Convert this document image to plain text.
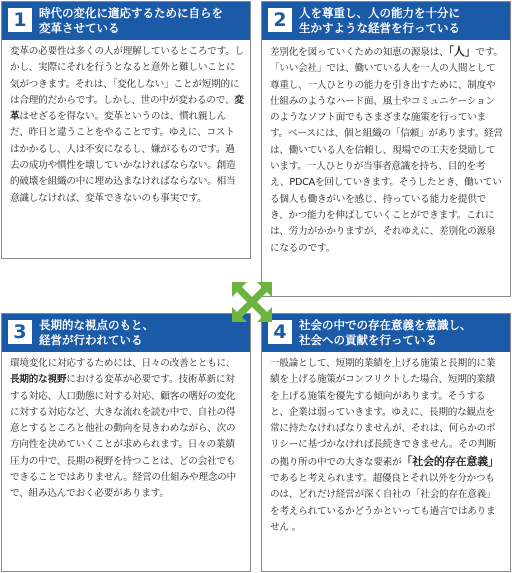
1	時代の変化に適応するために自らを
変革させている
変革の必要性は多くの人が理解しているところです。しかし、実際にそれを行うとなると意外と難しいことに気がつきます。それは、「変化しない」ことが短期的には合理的だからです。しかし、世の中が変わるので、変革はせざるを得ない。変革というのは、慣れ親しんだ、昨日と違うことをやることです。ゆえに、コストはかかるし、人は不安になるし、嫌がるものです。過去の成功や慣性を壊していかなければならない。創造的破壊を組織の中に埋め込まなければならない。相当意識しなければ、変革できないのも事実です。
2	人を尊重し、人の能力を十分に
生かすような経営を行っている
差別化を図っていくための知恵の源泉は、「人」です。「いい会社」では、働いている人を一人の人間として尊重し、一人ひとりの能力を引き出すために、制度や仕組みのようなハード面、風土やコミュニケーションのようなソフト面でもさまざまな施策を行っています。ベースには、個と組織の「信頼」があります。経営は、働いている人を信頼し、現場での工夫を奨励しています。一人ひとりが当事者意識を持ち、目的を考え、PDCAを回していきます。そうしたとき、働いている個人も働きがいを感じ、持っている能力を提供でき、かつ能力を伸ばしていくことができます。これには、労力がかかりますが、それゆえに、差別化の源泉になるのです。
3	長期的な視点のもと、
経営が行われている
環境変化に対応するためには、日々の改善とともに、長期的な視野における変革が必要です。技術革新に対する対応、人口動態に対する対応、顧客の嗜好の変化に対する対応など、大きな流れを読む中で、自社の得意とするところと他社の動向を見きわめながら、次の方向性を決めていくことが求められます。日々の業績圧力の中で、長期の視野を持つことは、どの会社でもできることではありません。経営の仕組みや理念の中で、組み込んでおく必要があります。
4	社会の中での存在意義を意識し、
社会への貢献を行っている
一般論として、短期的業績を上げる施策と長期的に業績を上げる施策がコンフリクトした場合、短期的業績を上げる施策を優先する傾向があります。そうすると、企業は弱っていきます。ゆえに、長期的な観点を常に持たなければなりませんが、それは、何らかのポリシーに基づかなければ長続きできません。その判断の拠り所の中での大きな要素が「社会的存在意義」であると考えられます。超優良とそれ以外を分かつものは、どれだけ経営が深く自社の「社会的存在意義」を考えられているかどうかといっても過言ではありません 。
